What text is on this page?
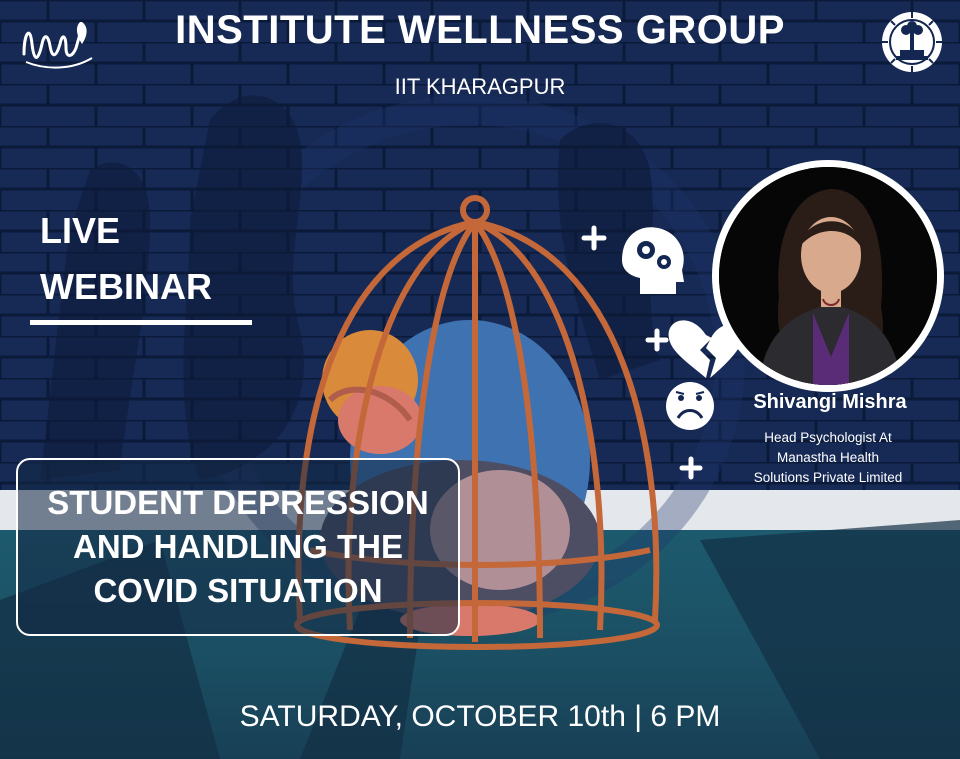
INSTITUTE WELLNESS GROUP
IIT KHARAGPUR
LIVE
WEBINAR
STUDENT DEPRESSION
AND HANDLING THE
COVID SITUATION
Shivangi Mishra
Head Psychologist At
Manastha Health
Solutions Private Limited
SATURDAY, OCTOBER 10th | 6 PM
